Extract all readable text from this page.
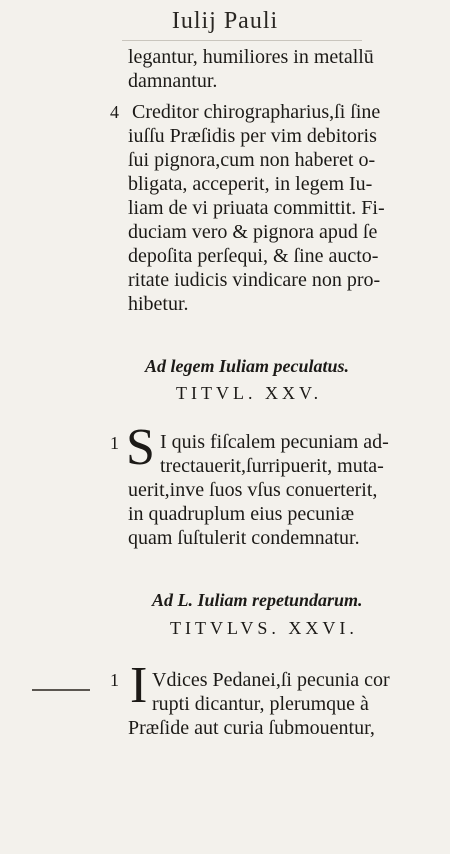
Iulij Pauli
legantur, humiliores in metallū
damnantur.
4 Creditor chirographarius,ſi ſine
iuſſu Præſidis per vim debitoris
ſui pignora,cum non haberet o-
bligata, acceperit, in legem Iu-
liam de vi priuata committit. Fi-
duciam vero & pignora apud ſe
depoſita perſequi, & ſine aucto-
ritate iudicis vindicare non pro-
hibetur.
Ad legem Iuliam peculatus.
TITVL. XXV.
1 S I quis fiſcalem pecuniam ad-
trectauerit,ſurripuerit, muta-
uerit,inve ſuos vſus conuerterit,
in quadruplum eius pecuniæ
quam ſuſtulerit condemnatur.
Ad L. Iuliam repetundarum.
TITVLVS. XXVI.
1 I Vdices Pedanei,ſi pecunia cor
rupti dicantur, plerumque à
Præſide aut curia ſubmouentur,
